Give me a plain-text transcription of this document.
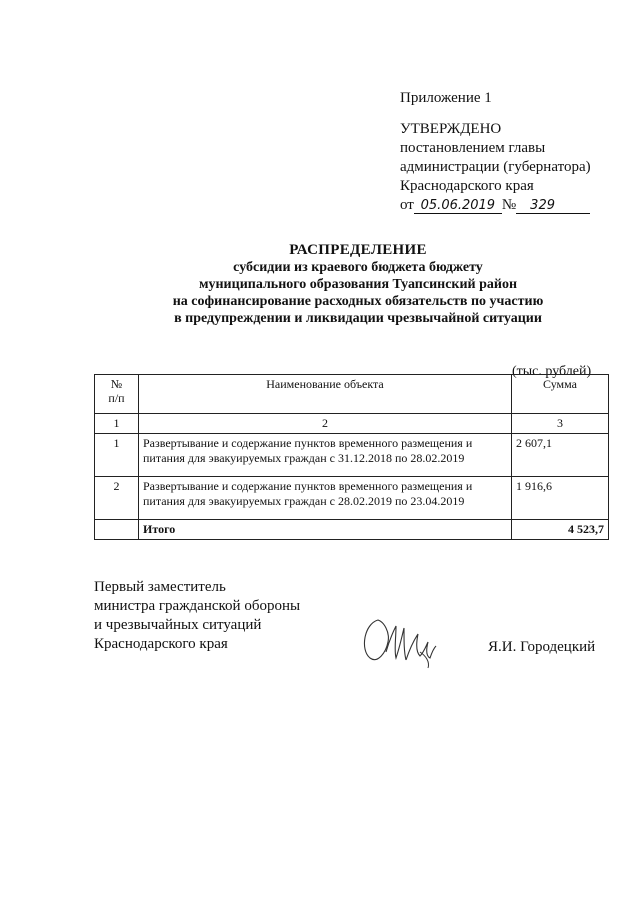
Приложение 1
УТВЕРЖДЕНО
постановлением главы
администрации (губернатора)
Краснодарского края
от 05.06.2019 № 329
РАСПРЕДЕЛЕНИЕ
субсидии из краевого бюджета бюджету
муниципального образования Туапсинский район
на софинансирование расходных обязательств по участию
в предупреждении и ликвидации чрезвычайной ситуации
(тыс. рублей)
№
п/п	Наименование объекта	Сумма
1	2	3
1	Развертывание и содержание пунктов временного размещения и питания для эвакуируемых граждан с 31.12.2018 по 28.02.2019	2 607,1
2	Развертывание и содержание пунктов временного размещения и питания для эвакуируемых граждан с 28.02.2019 по 23.04.2019	1 916,6
	Итого	4 523,7
Первый заместитель
министра гражданской обороны
и чрезвычайных ситуаций
Краснодарского края	Я.И. Городецкий
